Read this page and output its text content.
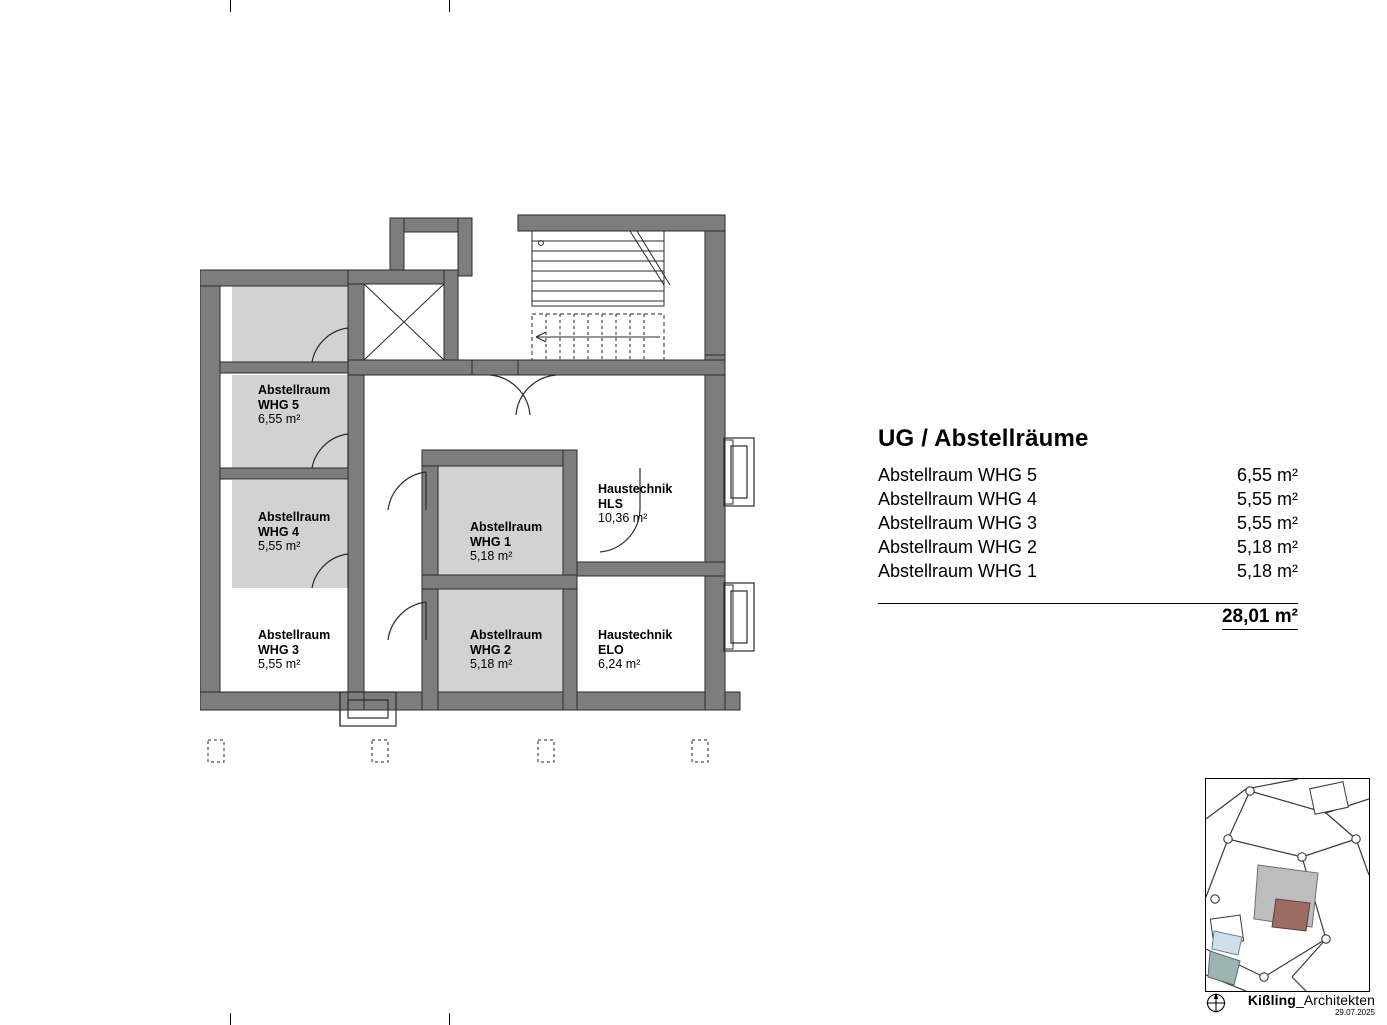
Abstellraum
WHG 5
6,55 m²
Abstellraum
WHG 4
5,55 m²
Abstellraum
WHG 3
5,55 m²
Abstellraum
WHG 1
5,18 m²
Abstellraum
WHG 2
5,18 m²
Haustechnik
HLS
10,36 m²
Haustechnik
ELO
6,24 m²
UG / Abstellräume
Abstellraum WHG 5	6,55 m²
Abstellraum WHG 4	5,55 m²
Abstellraum WHG 3	5,55 m²
Abstellraum WHG 2	5,18 m²
Abstellraum WHG 1	5,18 m²
28,01 m²
Kißling_Architekten
29.07.2025
